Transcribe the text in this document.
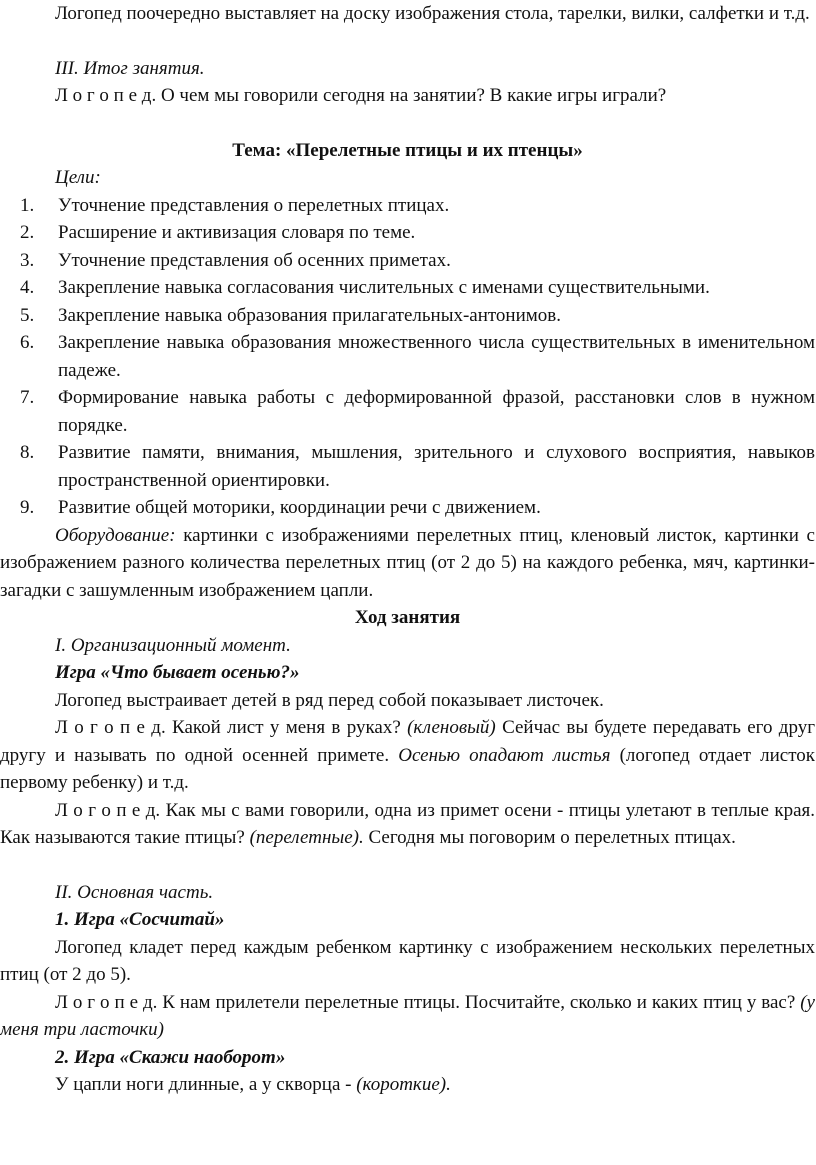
Логопед поочередно выставляет на доску изображения стола, тарелки, вилки, салфетки и т.д.

III. Итог занятия.

Л о г о п е д. О чем мы говорили сегодня на занятии? В какие игры играли?

Тема: «Перелетные птицы и их птенцы»

Цели:

1. Уточнение представления о перелетных птицах.
2. Расширение и активизация словаря по теме.
3. Уточнение представления об осенних приметах.
4. Закрепление навыка согласования числительных с именами существительными.
5. Закрепление навыка образования прилагательных-антонимов.
6. Закрепление навыка образования множественного числа существительных в именительном падеже.
7. Формирование навыка работы с деформированной фразой, расстановки слов в нужном порядке.
8. Развитие памяти, внимания, мышления, зрительного и слухового восприятия, навыков пространственной ориентировки.
9. Развитие общей моторики, координации речи с движением.

Оборудование: картинки с изображениями перелетных птиц, кленовый листок, картинки с изображением разного количества перелетных птиц (от 2 до 5) на каждого ребенка, мяч, картинки-загадки с зашумленным изображением цапли.

Ход занятия

I. Организационный момент.

Игра «Что бывает осенью?»

Логопед выстраивает детей в ряд перед собой показывает листочек.

Л о г о п е д. Какой лист у меня в руках? (кленовый) Сейчас вы будете передавать его друг другу и называть по одной осенней примете. Осенью опадают листья (логопед отдает листок первому ребенку) и т.д.

Л о г о п е д. Как мы с вами говорили, одна из примет осени - птицы улетают в теплые края. Как называются такие птицы? (перелетные). Сегодня мы поговорим о перелетных птицах.

II. Основная часть.

1. Игра «Сосчитай»

Логопед кладет перед каждым ребенком картинку с изображением нескольких перелетных птиц (от 2 до 5).

Л о г о п е д. К нам прилетели перелетные птицы. Посчитайте, сколько и каких птиц у вас? (у меня три ласточки)

2. Игра «Скажи наоборот»

У цапли ноги длинные, а у скворца - (короткие).
